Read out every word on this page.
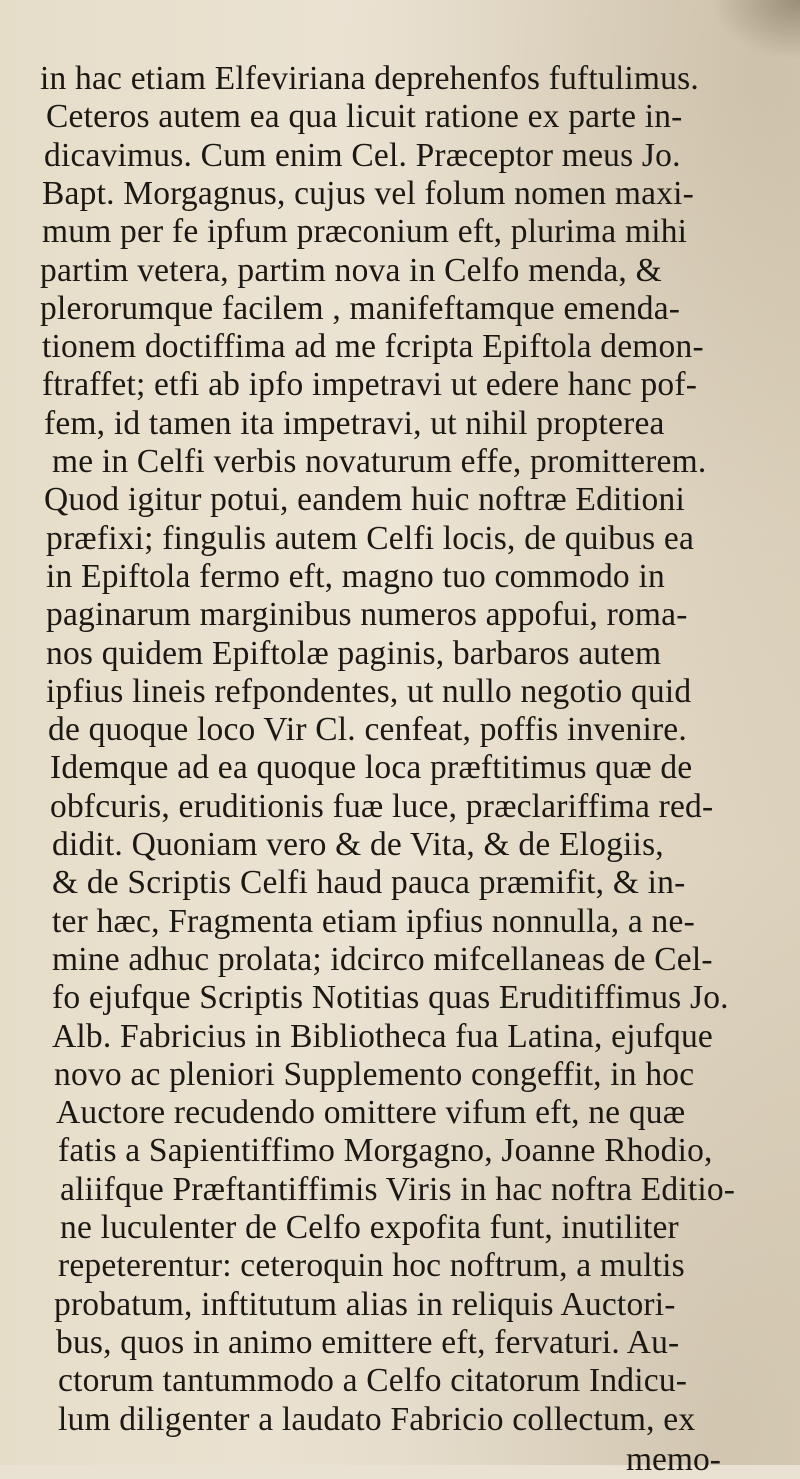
in hac etiam Elfeviriana deprehenfos fuftulimus.
Ceteros autem ea qua licuit ratione ex parte in-
dicavimus. Cum enim Cel. Præceptor meus Jo.
Bapt. Morgagnus, cujus vel folum nomen maxi-
mum per fe ipfum præconium eft, plurima mihi
partim vetera, partim nova in Celfo menda, &
plerorumque facilem , manifeftamque emenda-
tionem doctiffima ad me fcripta Epiftola demon-
ftraffet; etfi ab ipfo impetravi ut edere hanc pof-
fem, id tamen ita impetravi, ut nihil propterea
me in Celfi verbis novaturum effe, promitterem.
Quod igitur potui, eandem huic noftræ Editioni
præfixi; fingulis autem Celfi locis, de quibus ea
in Epiftola fermo eft, magno tuo commodo in
paginarum marginibus numeros appofui, roma-
nos quidem Epiftolæ paginis, barbaros autem
ipfius lineis refpondentes, ut nullo negotio quid
de quoque loco Vir Cl. cenfeat, poffis invenire.
Idemque ad ea quoque loca præftitimus quæ de
obfcuris, eruditionis fuæ luce, præclariffima red-
didit. Quoniam vero & de Vita, & de Elogiis,
& de Scriptis Celfi haud pauca præmifit, & in-
ter hæc, Fragmenta etiam ipfius nonnulla, a ne-
mine adhuc prolata; idcirco mifcellaneas de Cel-
fo ejufque Scriptis Notitias quas Eruditiffimus Jo.
Alb. Fabricius in Bibliotheca fua Latina, ejufque
novo ac pleniori Supplemento congeffit, in hoc
Auctore recudendo omittere vifum eft, ne quæ
fatis a Sapientiffimo Morgagno, Joanne Rhodio,
aliifque Præftantiffimis Viris in hac noftra Editio-
ne luculenter de Celfo expofita funt, inutiliter
repeterentur: ceteroquin hoc noftrum, a multis
probatum, inftitutum alias in reliquis Auctori-
bus, quos in animo emittere eft, fervaturi. Au-
ctorum tantummodo a Celfo citatorum Indicu-
lum diligenter a laudato Fabricio collectum, ex
memo-
